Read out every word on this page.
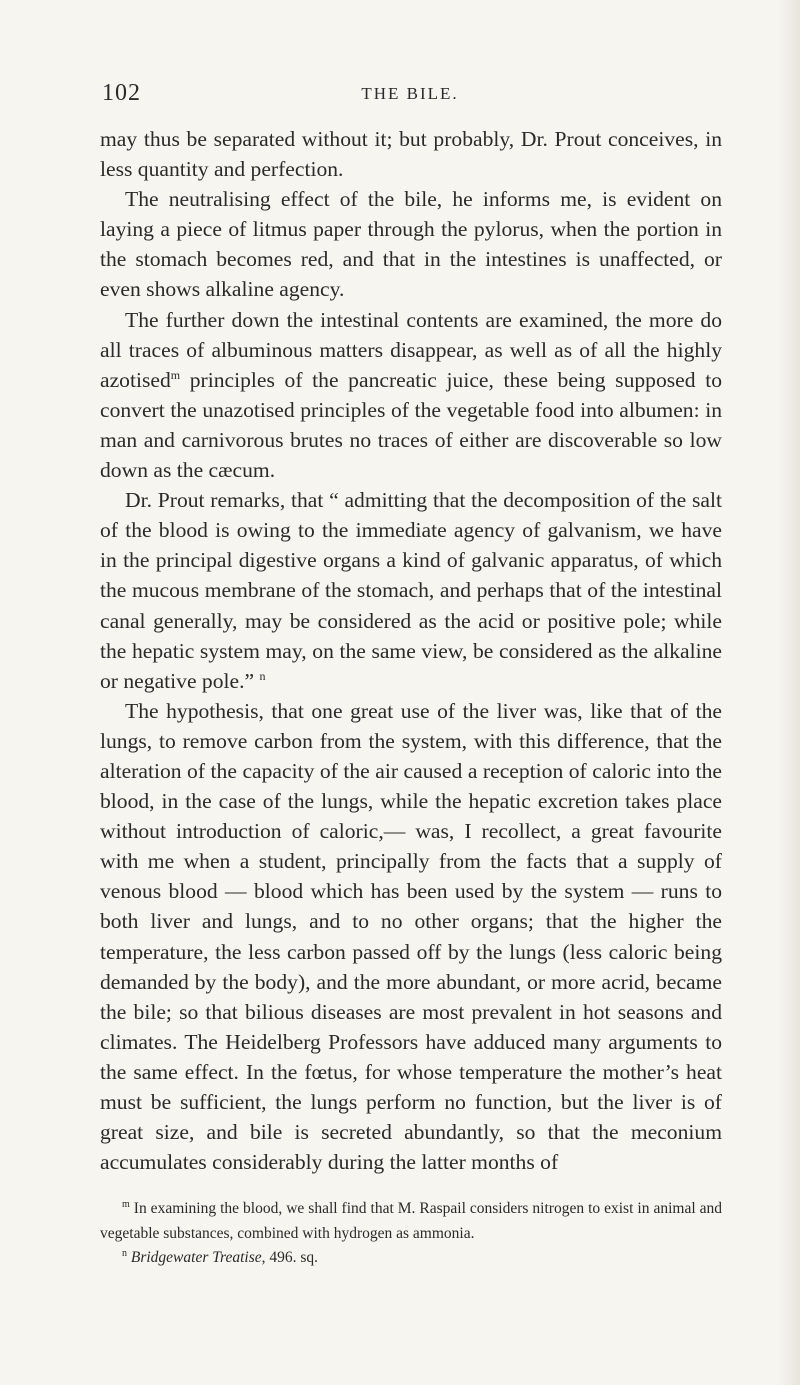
102	THE BILE.

may thus be separated without it; but probably, Dr. Prout conceives, in less quantity and perfection.

The neutralising effect of the bile, he informs me, is evident on laying a piece of litmus paper through the pylorus, when the portion in the stomach becomes red, and that in the intestines is unaffected, or even shows alkaline agency.

The further down the intestinal contents are examined, the more do all traces of albuminous matters disappear, as well as of all the highly azotised$^m$ principles of the pancreatic juice, these being supposed to convert the unazotised principles of the vegetable food into albumen: in man and carnivorous brutes no traces of either are discoverable so low down as the cæcum.

Dr. Prout remarks, that “ admitting that the decomposition of the salt of the blood is owing to the immediate agency of galvanism, we have in the principal digestive organs a kind of galvanic apparatus, of which the mucous membrane of the stomach, and perhaps that of the intestinal canal generally, may be considered as the acid or positive pole; while the hepatic system may, on the same view, be considered as the alkaline or negative pole.” $^n$

The hypothesis, that one great use of the liver was, like that of the lungs, to remove carbon from the system, with this difference, that the alteration of the capacity of the air caused a reception of caloric into the blood, in the case of the lungs, while the hepatic excretion takes place without introduction of caloric,— was, I recollect, a great favourite with me when a student, principally from the facts that a supply of venous blood — blood which has been used by the system — runs to both liver and lungs, and to no other organs; that the higher the temperature, the less carbon passed off by the lungs (less caloric being demanded by the body), and the more abundant, or more acrid, became the bile; so that bilious diseases are most prevalent in hot seasons and climates. The Heidelberg Professors have adduced many arguments to the same effect. In the fœtus, for whose temperature the mother’s heat must be sufficient, the lungs perform no function, but the liver is of great size, and bile is secreted abundantly, so that the meconium accumulates considerably during the latter months of

$^m$ In examining the blood, we shall find that M. Raspail considers nitrogen to exist in animal and vegetable substances, combined with hydrogen as ammonia.

$^n$ Bridgewater Treatise, 496. sq.
